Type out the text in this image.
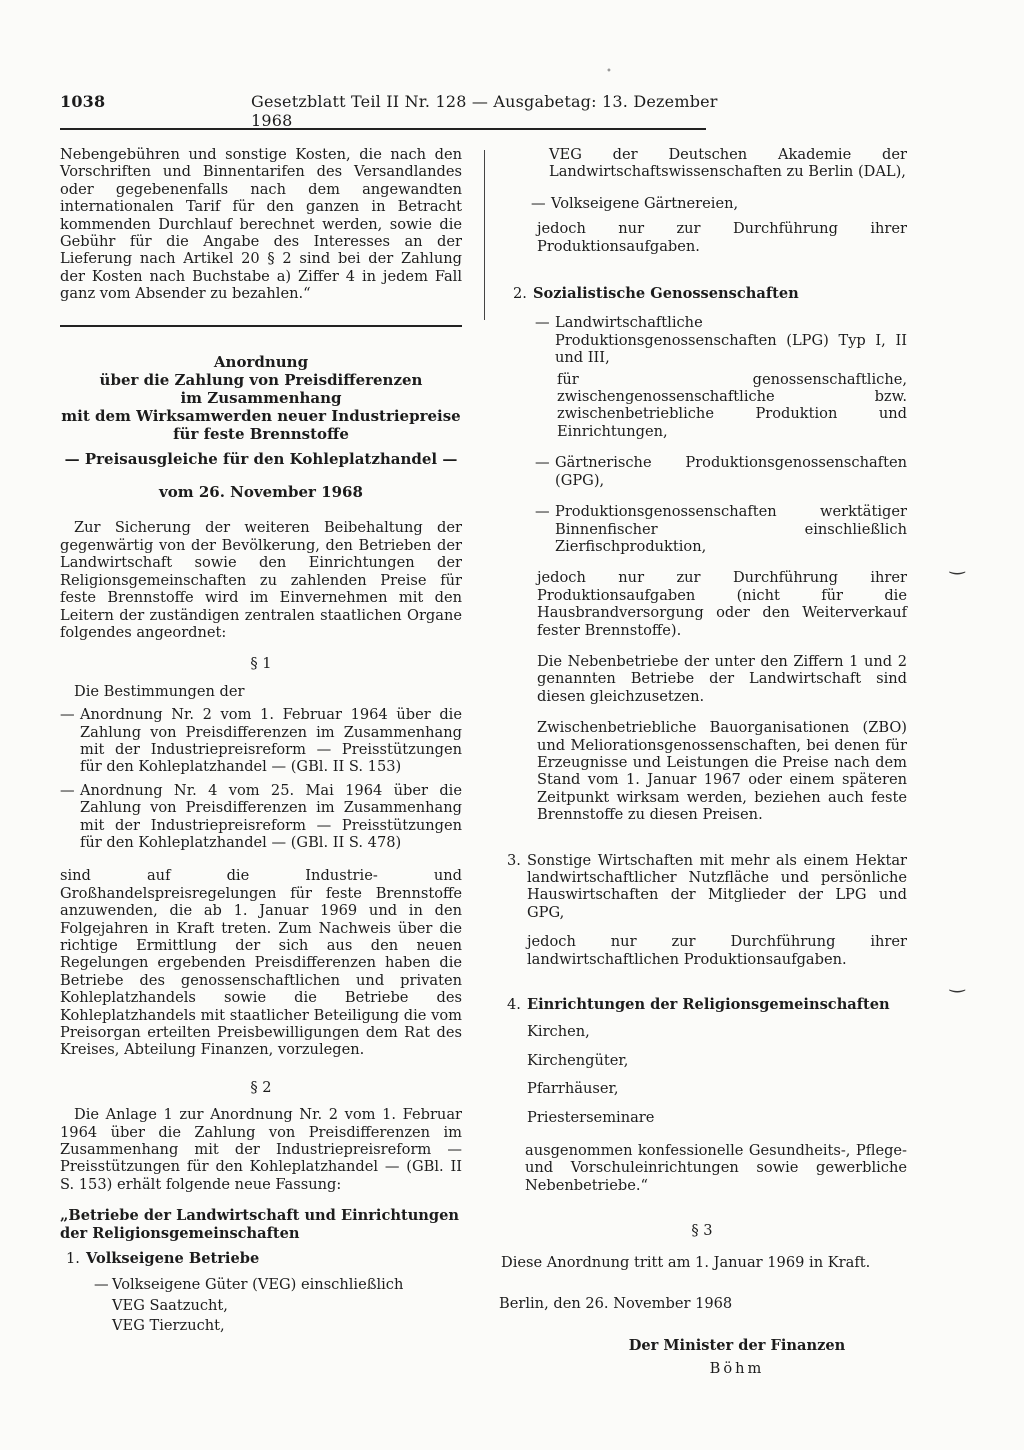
•
1038	Gesetzblatt Teil II Nr. 128 — Ausgabetag: 13. Dezember 1968

Nebengebühren und sonstige Kosten, die nach den Vorschriften und Binnentarifen des Versandlandes oder gegebenenfalls nach dem angewandten internationalen Tarif für den ganzen in Betracht kommenden Durchlauf berechnet werden, sowie die Gebühr für die Angabe des Interesses an der Lieferung nach Artikel 20 § 2 sind bei der Zahlung der Kosten nach Buchstabe a) Ziffer 4 in jedem Fall ganz vom Absender zu bezahlen.“

Anordnung
über die Zahlung von Preisdifferenzen
im Zusammenhang
mit dem Wirksamwerden neuer Industriepreise
für feste Brennstoffe
— Preisausgleiche für den Kohleplatzhandel —
vom 26. November 1968

Zur Sicherung der weiteren Beibehaltung der gegenwärtig von der Bevölkerung, den Betrieben der Landwirtschaft sowie den Einrichtungen der Religionsgemeinschaften zu zahlenden Preise für feste Brennstoffe wird im Einvernehmen mit den Leitern der zuständigen zentralen staatlichen Organe folgendes angeordnet:

§ 1

Die Bestimmungen der

— Anordnung Nr. 2 vom 1. Februar 1964 über die Zahlung von Preisdifferenzen im Zusammenhang mit der Industriepreisreform — Preisstützungen für den Kohleplatzhandel — (GBl. II S. 153)

— Anordnung Nr. 4 vom 25. Mai 1964 über die Zahlung von Preisdifferenzen im Zusammenhang mit der Industriepreisreform — Preisstützungen für den Kohleplatzhandel — (GBl. II S. 478)

sind auf die Industrie- und Großhandelspreisregelungen für feste Brennstoffe anzuwenden, die ab 1. Januar 1969 und in den Folgejahren in Kraft treten. Zum Nachweis über die richtige Ermittlung der sich aus den neuen Regelungen ergebenden Preisdifferenzen haben die Betriebe des genossenschaftlichen und privaten Kohleplatzhandels sowie die Betriebe des Kohleplatzhandels mit staatlicher Beteiligung die vom Preisorgan erteilten Preisbewilligungen dem Rat des Kreises, Abteilung Finanzen, vorzulegen.

§ 2

Die Anlage 1 zur Anordnung Nr. 2 vom 1. Februar 1964 über die Zahlung von Preisdifferenzen im Zusammenhang mit der Industriepreisreform — Preisstützungen für den Kohleplatzhandel — (GBl. II S. 153) erhält folgende neue Fassung:

„Betriebe der Landwirtschaft und Einrichtungen der Religionsgemeinschaften

1. Volkseigene Betriebe
— Volkseigene Güter (VEG) einschließlich
VEG Saatzucht,
VEG Tierzucht,

VEG der Deutschen Akademie der Landwirtschaftswissenschaften zu Berlin (DAL),

— Volkseigene Gärtnereien,

jedoch nur zur Durchführung ihrer Produktionsaufgaben.

2. Sozialistische Genossenschaften
— Landwirtschaftliche Produktionsgenossenschaften (LPG) Typ I, II und III,

für genossenschaftliche, zwischengenossenschaftliche bzw. zwischenbetriebliche Produktion und Einrichtungen,

— Gärtnerische Produktionsgenossenschaften (GPG),

— Produktionsgenossenschaften werktätiger Binnenfischer einschließlich Zierfischproduktion,

jedoch nur zur Durchführung ihrer Produktionsaufgaben (nicht für die Hausbrandversorgung oder den Weiterverkauf fester Brennstoffe).

Die Nebenbetriebe der unter den Ziffern 1 und 2 genannten Betriebe der Landwirtschaft sind diesen gleichzusetzen.

Zwischenbetriebliche Bauorganisationen (ZBO) und Meliorationsgenossenschaften, bei denen für Erzeugnisse und Leistungen die Preise nach dem Stand vom 1. Januar 1967 oder einem späteren Zeitpunkt wirksam werden, beziehen auch feste Brennstoffe zu diesen Preisen.

3. Sonstige Wirtschaften mit mehr als einem Hektar landwirtschaftlicher Nutzfläche und persönliche Hauswirtschaften der Mitglieder der LPG und GPG,

jedoch nur zur Durchführung ihrer landwirtschaftlichen Produktionsaufgaben.

4. Einrichtungen der Religionsgemeinschaften
Kirchen,
Kirchengüter,
Pfarrhäuser,
Priesterseminare

ausgenommen konfessionelle Gesundheits-, Pflege- und Vorschuleinrichtungen sowie gewerbliche Nebenbetriebe.“

§ 3

Diese Anordnung tritt am 1. Januar 1969 in Kraft.

Berlin, den 26. November 1968

Der Minister der Finanzen
Böhm
‿
‿
